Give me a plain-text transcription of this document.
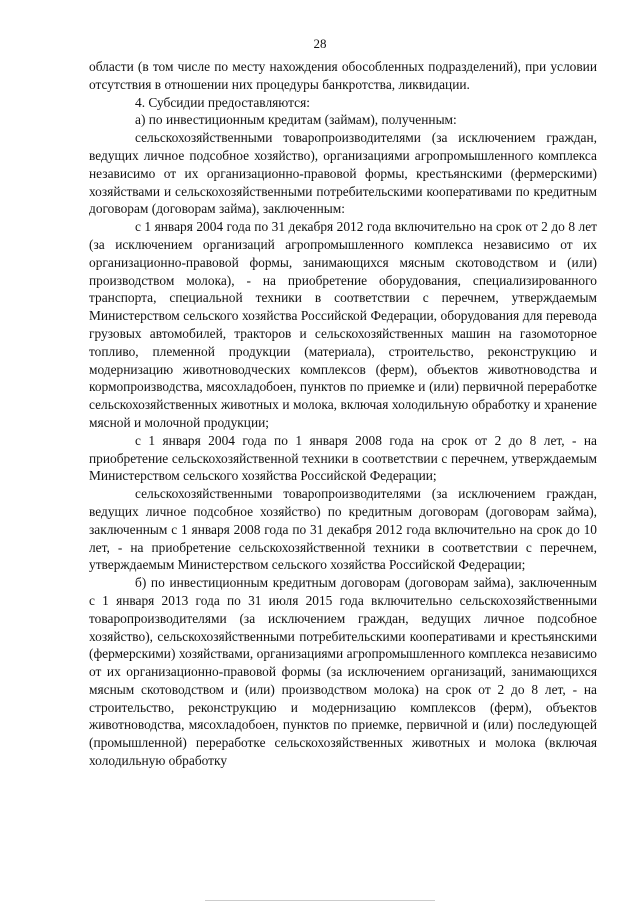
28

области (в том числе по месту нахождения обособленных подразделений), при условии отсутствия в отношении них процедуры банкротства, ликвидации.

4. Субсидии предоставляются:

а) по инвестиционным кредитам (займам), полученным:

сельскохозяйственными товаропроизводителями (за исключением граждан, ведущих личное подсобное хозяйство), организациями агропромышленного комплекса независимо от их организационно-правовой формы, крестьянскими (фермерскими) хозяйствами и сельскохозяйственными потребительскими кооперативами по кредитным договорам (договорам займа), заключенным:

с 1 января 2004 года по 31 декабря 2012 года включительно на срок от 2 до 8 лет (за исключением организаций агропромышленного комплекса независимо от их организационно-правовой формы, занимающихся мясным скотоводством и (или) производством молока), - на приобретение оборудования, специализированного транспорта, специальной техники в соответствии с перечнем, утверждаемым Министерством сельского хозяйства Российской Федерации, оборудования для перевода грузовых автомобилей, тракторов и сельскохозяйственных машин на газомоторное топливо, племенной продукции (материала), строительство, реконструкцию и модернизацию животноводческих комплексов (ферм), объектов животноводства и кормопроизводства, мясохладобоен, пунктов по приемке и (или) первичной переработке сельскохозяйственных животных и молока, включая холодильную обработку и хранение мясной и молочной продукции;

с 1 января 2004 года по 1 января 2008 года на срок от 2 до 8 лет, - на приобретение сельскохозяйственной техники в соответствии с перечнем, утверждаемым Министерством сельского хозяйства Российской Федерации;

сельскохозяйственными товаропроизводителями (за исключением граждан, ведущих личное подсобное хозяйство) по кредитным договорам (договорам займа), заключенным с 1 января 2008 года по 31 декабря 2012 года включительно на срок до 10 лет, - на приобретение сельскохозяйственной техники в соответствии с перечнем, утверждаемым Министерством сельского хозяйства Российской Федерации;

б) по инвестиционным кредитным договорам (договорам займа), заключенным с 1 января 2013 года по 31 июля 2015 года включительно сельскохозяйственными товаропроизводителями (за исключением граждан, ведущих личное подсобное хозяйство), сельскохозяйственными потребительскими кооперативами и крестьянскими (фермерскими) хозяйствами, организациями агропромышленного комплекса независимо от их организационно-правовой формы (за исключением организаций, занимающихся мясным скотоводством и (или) производством молока) на срок от 2 до 8 лет, - на строительство, реконструкцию и модернизацию комплексов (ферм), объектов животноводства, мясохладобоен, пунктов по приемке, первичной и (или) последующей (промышленной) переработке сельскохозяйственных животных и молока (включая холодильную обработку
